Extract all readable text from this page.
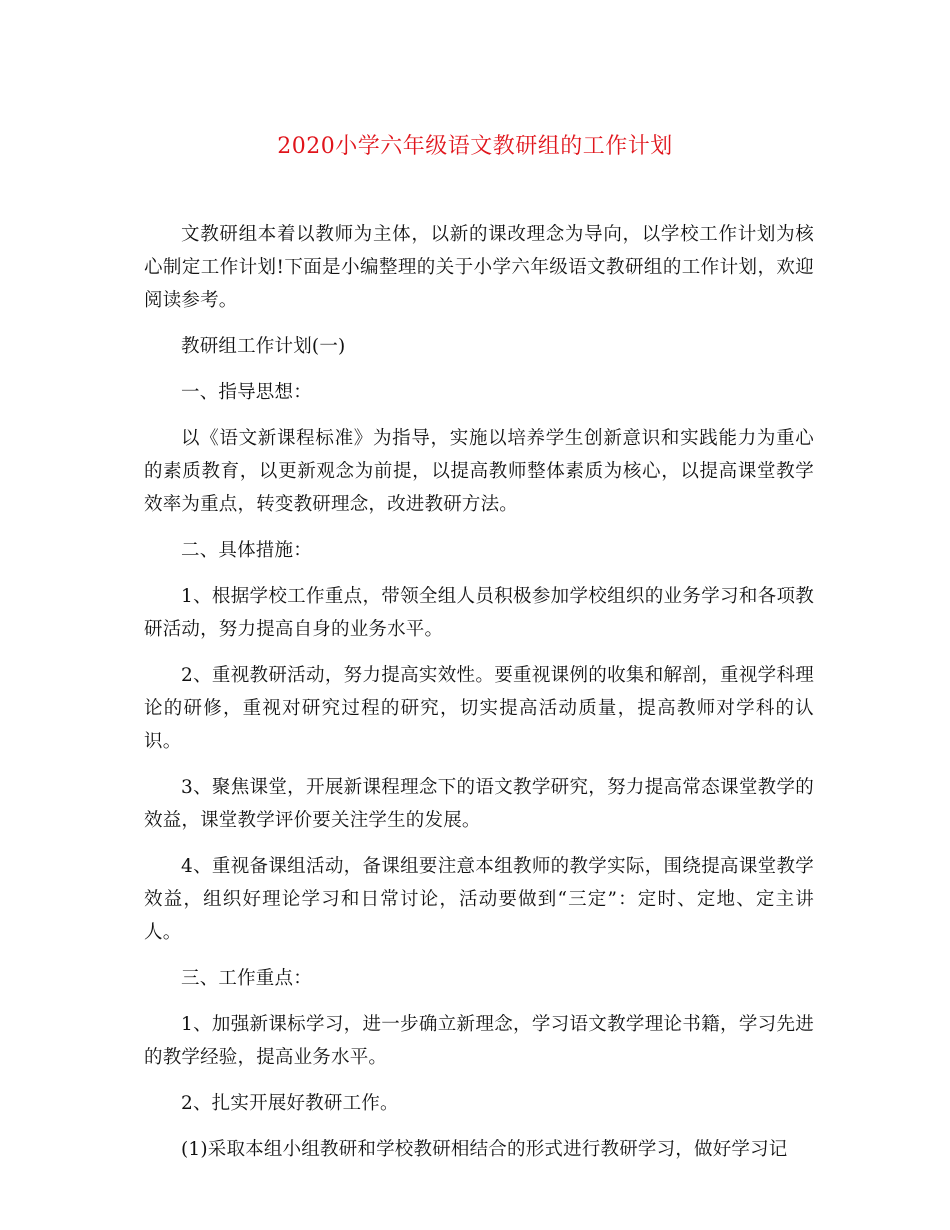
2020小学六年级语文教研组的工作计划

文教研组本着以教师为主体，以新的课改理念为导向，以学校工作计划为核心制定工作计划!下面是小编整理的关于小学六年级语文教研组的工作计划，欢迎阅读参考。

教研组工作计划(一)

一、指导思想：

以《语文新课程标准》为指导，实施以培养学生创新意识和实践能力为重心的素质教育，以更新观念为前提，以提高教师整体素质为核心，以提高课堂教学效率为重点，转变教研理念，改进教研方法。

二、具体措施：

1、根据学校工作重点，带领全组人员积极参加学校组织的业务学习和各项教研活动，努力提高自身的业务水平。

2、重视教研活动，努力提高实效性。要重视课例的收集和解剖，重视学科理论的研修，重视对研究过程的研究，切实提高活动质量，提高教师对学科的认识。

3、聚焦课堂，开展新课程理念下的语文教学研究，努力提高常态课堂教学的效益，课堂教学评价要关注学生的发展。

4、重视备课组活动，备课组要注意本组教师的教学实际，围绕提高课堂教学效益，组织好理论学习和日常讨论，活动要做到“三定”：定时、定地、定主讲人。

三、工作重点：

1、加强新课标学习，进一步确立新理念，学习语文教学理论书籍，学习先进的教学经验，提高业务水平。

2、扎实开展好教研工作。

(1)采取本组小组教研和学校教研相结合的形式进行教研学习，做好学习记
